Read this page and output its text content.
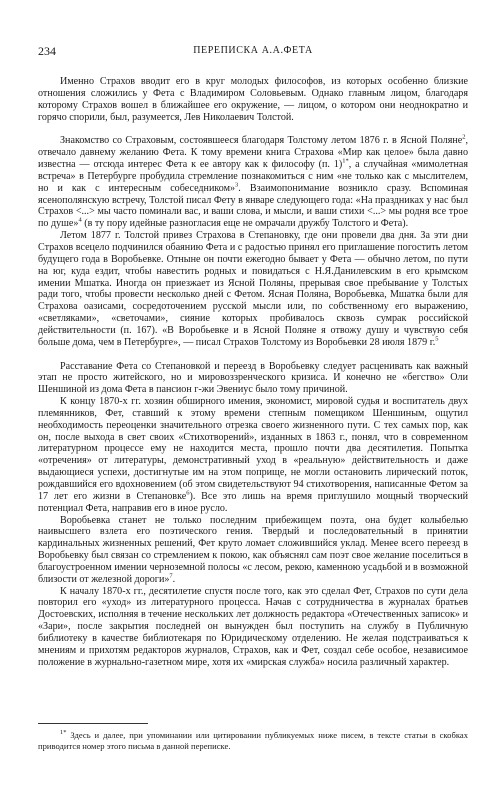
234	ПЕРЕПИСКА А.А.ФЕТА

Именно Страхов вводит его в круг молодых философов, из которых особенно близкие отношения сложились у Фета с Владимиром Соловьевым. Однако главным лицом, благодаря которому Страхов вошел в ближайшее его окружение, — лицом, о котором они неоднократно и горячо спорили, был, разумеется, Лев Николаевич Толстой.

Знакомство со Страховым, состоявшееся благодаря Толстому летом 1876 г. в Ясной Поляне$^2$, отвечало давнему желанию Фета. К тому времени книга Страхова «Мир как целое» была давно известна — отсюда интерес Фета к ее автору как к философу (п. 1)$^{1*}$, а случайная «мимолетная встреча» в Петербурге пробудила стремление познакомиться с ним «не только как с мыслителем, но и как с интересным собеседником»$^3$. Взаимопонимание возникло сразу. Вспоминая ясенополянскую встречу, Толстой писал Фету в январе следующего года: «На праздниках у нас был Страхов <...> мы часто поминали вас, и ваши слова, и мысли, и ваши стихи <...> мы родня все трое по душе»$^4$ (в ту пору идейные разногласия еще не омрачали дружбу Толстого и Фета).

Летом 1877 г. Толстой привез Страхова в Степановку, где они провели два дня. За эти дни Страхов всецело подчинился обаянию Фета и с радостью принял его приглашение погостить летом будущего года в Воробьевке. Отныне он почти ежегодно бывает у Фета — обычно летом, по пути на юг, куда ездит, чтобы навестить родных и повидаться с Н.Я.Данилевским в его крымском имении Мшатка. Иногда он приезжает из Ясной Поляны, прерывая свое пребывание у Толстых ради того, чтобы провести несколько дней с Фетом. Ясная Поляна, Воробьевка, Мшатка были для Страхова оазисами, сосредоточением русской мысли или, по собственному его выражению, «светляками», «светочами», сияние которых пробивалось сквозь сумрак российской действительности (п. 167). «В Воробьевке и в Ясной Поляне я отвожу душу и чувствую себя больше дома, чем в Петербурге», — писал Страхов Толстому из Воробьевки 28 июля 1879 г.$^5$

Расставание Фета со Степановкой и переезд в Воробьевку следует расценивать как важный этап не просто житейского, но и мировоззренческого кризиса. И конечно не «бегство» Оли Шеншиной из дома Фета в пансион г-жи Эвениус было тому причиной.

К концу 1870-х гг. хозяин обширного имения, экономист, мировой судья и воспитатель двух племянников, Фет, ставший к этому времени степным помещиком Шеншиным, ощутил необходимость переоценки значительного отрезка своего жизненного пути. С тех самых пор, как он, после выхода в свет своих «Стихотворений», изданных в 1863 г., понял, что в современном литературном процессе ему не находится места, прошло почти два десятилетия. Попытка «отречения» от литературы, демонстративный уход в «реальную» действительность и даже выдающиеся успехи, достигнутые им на этом поприще, не могли остановить лирический поток, рождавшийся его вдохновением (об этом свидетельствуют 94 стихотворения, написанные Фетом за 17 лет его жизни в Степановке$^6$). Все это лишь на время приглушило мощный творческий потенциал Фета, направив его в иное русло.

Воробьевка станет не только последним прибежищем поэта, она будет колыбелью наивысшего взлета его поэтического гения. Твердый и последовательный в принятии кардинальных жизненных решений, Фет круто ломает сложившийся уклад. Менее всего переезд в Воробьевку был связан со стремлением к покою, как объяснял сам поэт свое желание поселиться в благоустроенном имении черноземной полосы «с лесом, рекою, каменною усадьбой и в возможной близости от железной дороги»$^7$.

К началу 1870-х гг., десятилетие спустя после того, как это сделал Фет, Страхов по сути дела повторил его «уход» из литературного процесса. Начав с сотрудничества в журналах братьев Достоевских, исполняя в течение нескольких лет должность редактора «Отечественных записок» и «Зари», после закрытия последней он вынужден был поступить на службу в Публичную библиотеку в качестве библиотекаря по Юридическому отделению. Не желая подстраиваться к мнениям и прихотям редакторов журналов, Страхов, как и Фет, создал себе особое, независимое положение в журнально-газетном мире, хотя их «мирская служба» носила различный характер.

$^{1*}$ Здесь и далее, при упоминании или цитировании публикуемых ниже писем, в тексте статьи в скобках приводится номер этого письма в данной переписке.
